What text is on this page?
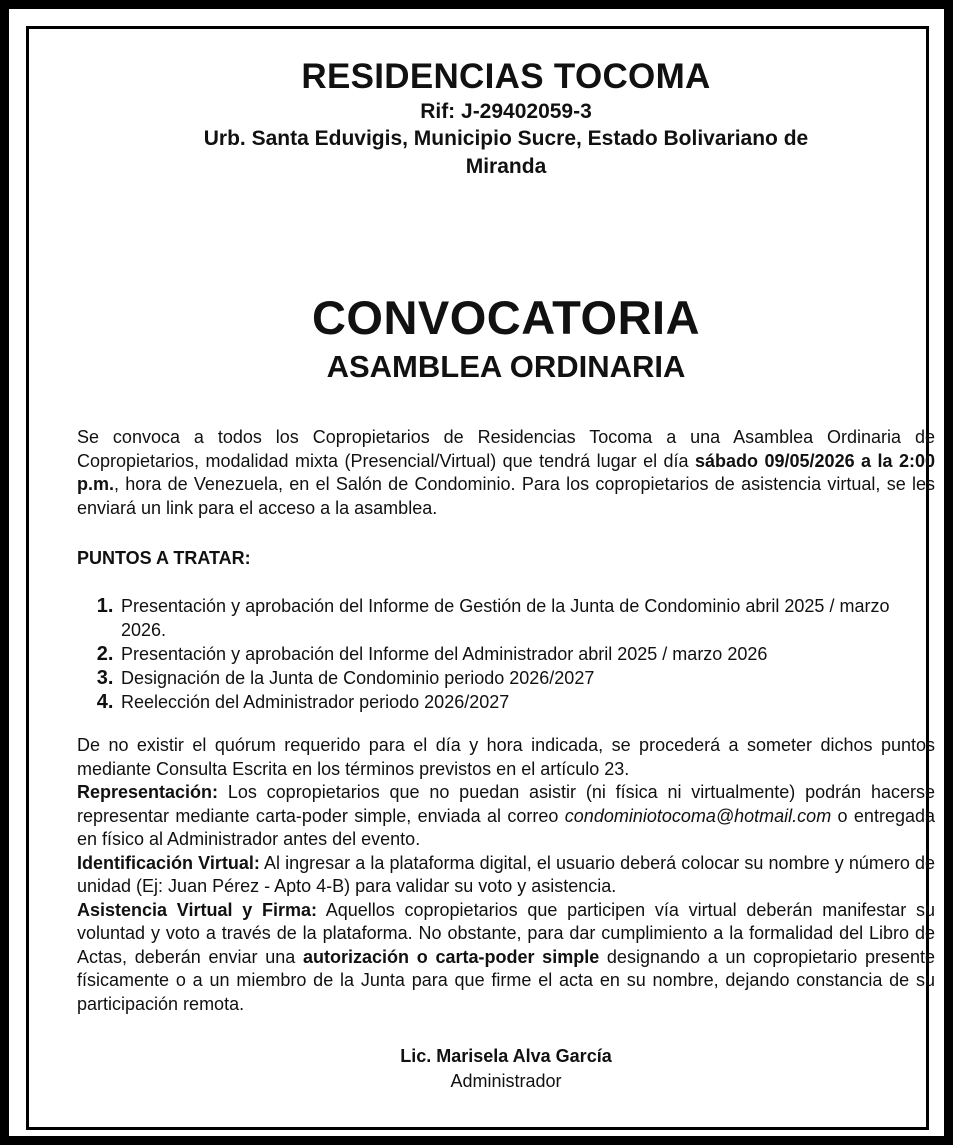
RESIDENCIAS TOCOMA
Rif: J-29402059-3
Urb. Santa Eduvigis, Municipio Sucre, Estado Bolivariano de Miranda
CONVOCATORIA
ASAMBLEA ORDINARIA
Se convoca a todos los Copropietarios de Residencias Tocoma a una Asamblea Ordinaria de Copropietarios, modalidad mixta (Presencial/Virtual) que tendrá lugar el día sábado 09/05/2026 a la 2:00 p.m., hora de Venezuela, en el Salón de Condominio. Para los copropietarios de asistencia virtual, se les enviará un link para el acceso a la asamblea.
PUNTOS A TRATAR:
1. Presentación y aprobación del Informe de Gestión de la Junta de Condominio abril 2025 / marzo 2026.
2. Presentación y aprobación del Informe del Administrador abril 2025 / marzo 2026
3. Designación de la Junta de Condominio periodo 2026/2027
4. Reelección del Administrador periodo 2026/2027
De no existir el quórum requerido para el día y hora indicada, se procederá a someter dichos puntos mediante Consulta Escrita en los términos previstos en el artículo 23.
Representación: Los copropietarios que no puedan asistir (ni física ni virtualmente) podrán hacerse representar mediante carta-poder simple, enviada al correo condominiotocoma@hotmail.com o entregada en físico al Administrador antes del evento.
Identificación Virtual: Al ingresar a la plataforma digital, el usuario deberá colocar su nombre y número de unidad (Ej: Juan Pérez - Apto 4-B) para validar su voto y asistencia.
Asistencia Virtual y Firma: Aquellos copropietarios que participen vía virtual deberán manifestar su voluntad y voto a través de la plataforma. No obstante, para dar cumplimiento a la formalidad del Libro de Actas, deberán enviar una autorización o carta-poder simple designando a un copropietario presente físicamente o a un miembro de la Junta para que firme el acta en su nombre, dejando constancia de su participación remota.
Lic. Marisela Alva García
Administrador
